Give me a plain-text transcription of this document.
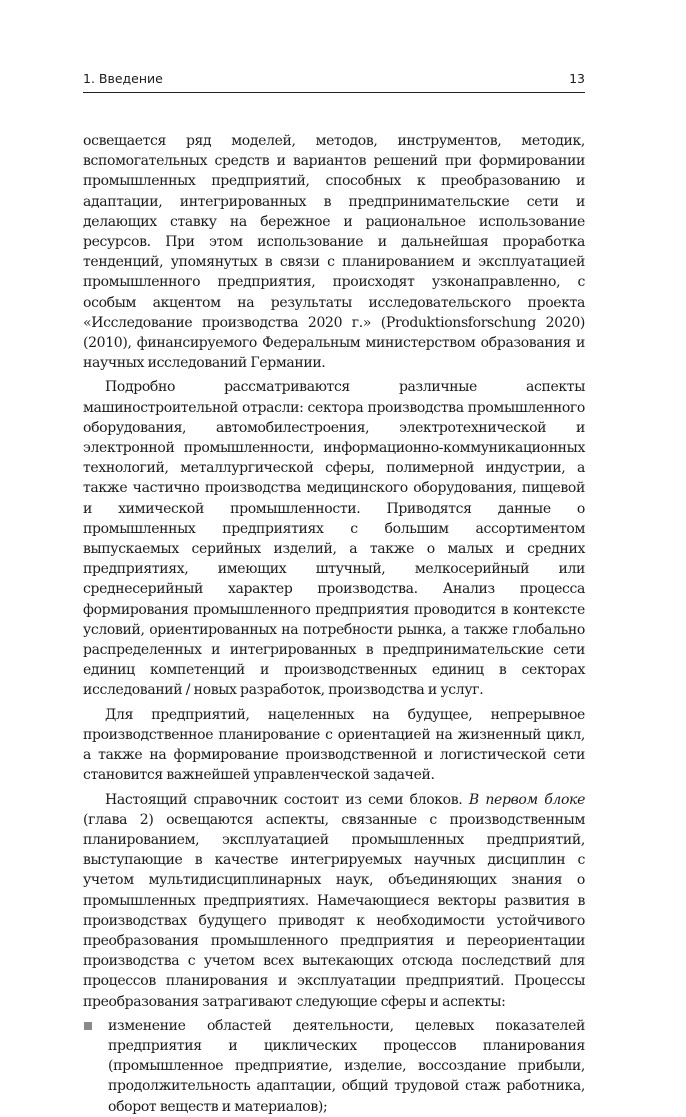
1. Введение	13

освещается ряд моделей, методов, инструментов, методик, вспомогательных средств и вариантов решений при формировании промышленных предприятий, способных к преобразованию и адаптации, интегрированных в предпринимательские сети и делающих ставку на бережное и рациональное использование ресурсов. При этом использование и дальнейшая проработка тенденций, упомянутых в связи с планированием и эксплуатацией промышленного предприятия, происходят узконаправленно, с особым акцентом на результаты исследовательского проекта «Исследование производства 2020 г.» (Produktionsforschung 2020) (2010), финансируемого Федеральным министерством образования и научных исследований Германии.

Подробно рассматриваются различные аспекты машиностроительной отрасли: сектора производства промышленного оборудования, автомобилестроения, электротехнической и электронной промышленности, информационно-коммуникационных технологий, металлургической сферы, полимерной индустрии, а также частично производства медицинского оборудования, пищевой и химической промышленности. Приводятся данные о промышленных предприятиях с большим ассортиментом выпускаемых серийных изделий, а также о малых и средних предприятиях, имеющих штучный, мелкосерийный или среднесерийный характер производства. Анализ процесса формирования промышленного предприятия проводится в контексте условий, ориентированных на потребности рынка, а также глобально распределенных и интегрированных в предпринимательские сети единиц компетенций и производственных единиц в секторах исследований / новых разработок, производства и услуг.

Для предприятий, нацеленных на будущее, непрерывное производственное планирование с ориентацией на жизненный цикл, а также на формирование производственной и логистической сети становится важнейшей управленческой задачей.

Настоящий справочник состоит из семи блоков. В первом блоке (глава 2) освещаются аспекты, связанные с производственным планированием, эксплуатацией промышленных предприятий, выступающие в качестве интегрируемых научных дисциплин с учетом мультидисциплинарных наук, объединяющих знания о промышленных предприятиях. Намечающиеся векторы развития в производствах будущего приводят к необходимости устойчивого преобразования промышленного предприятия и переориентации производства с учетом всех вытекающих отсюда последствий для процессов планирования и эксплуатации предприятий. Процессы преобразования затрагивают следующие сферы и аспекты:

изменение областей деятельности, целевых показателей предприятия и циклических процессов планирования (промышленное предприятие, изделие, воссоздание прибыли, продолжительность адаптации, общий трудовой стаж работника, оборот веществ и материалов);
